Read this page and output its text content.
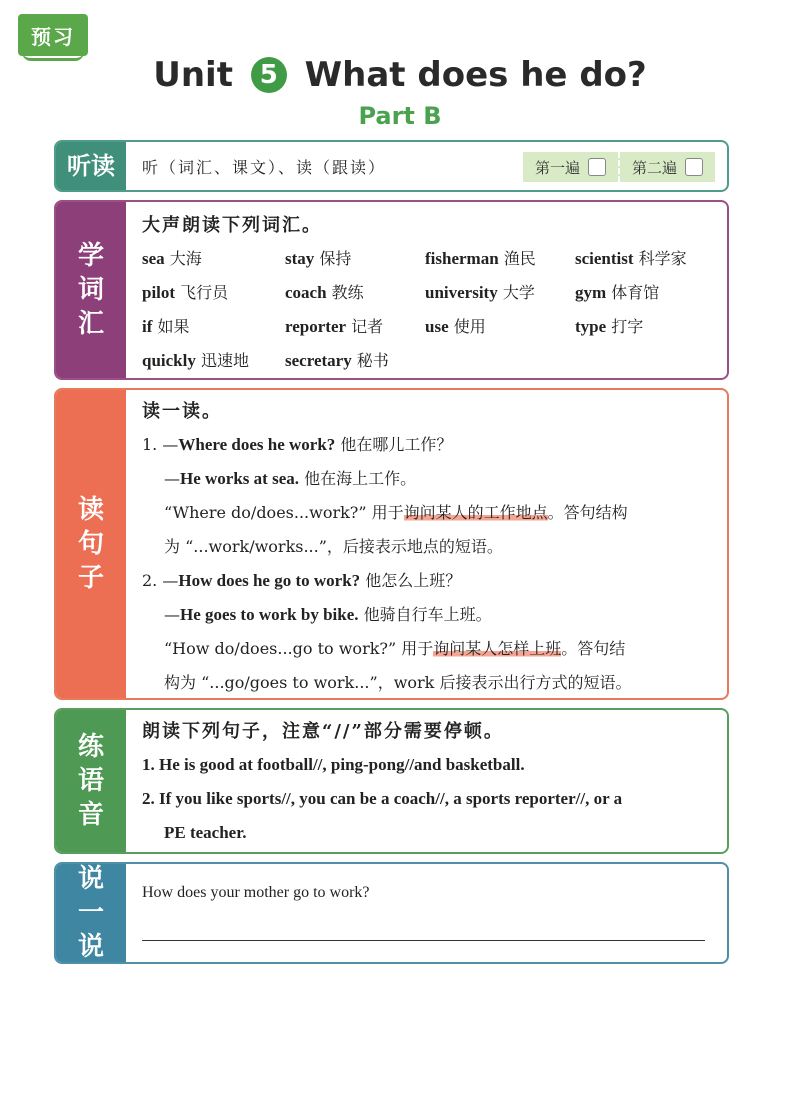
预习
Unit 5 What does he do?
Part B
听读	听（词汇、课文）、读（跟读）	第一遍	第二遍
学
词
汇
大声朗读下列词汇。
sea 大海	stay 保持	fisherman 渔民	scientist 科学家
pilot 飞行员	coach 教练	university 大学	gym 体育馆
if 如果	reporter 记者	use 使用	type 打字
quickly 迅速地	secretary 秘书
读
句
子
读一读。
1. —Where does he work? 他在哪儿工作？
—He works at sea. 他在海上工作。
“Where do/does...work?” 用于询问某人的工作地点。答句结构
为 “...work/works...”，后接表示地点的短语。
2. —How does he go to work? 他怎么上班？
—He goes to work by bike. 他骑自行车上班。
“How do/does...go to work?” 用于询问某人怎样上班。答句结
构为 “...go/goes to work...”，work 后接表示出行方式的短语。
练
语
音
朗读下列句子，注意“//”部分需要停顿。
1. He is good at football//, ping-pong//and basketball.
2. If you like sports//, you can be a coach//, a sports reporter//, or a
PE teacher.
说
一
说
How does your mother go to work?
